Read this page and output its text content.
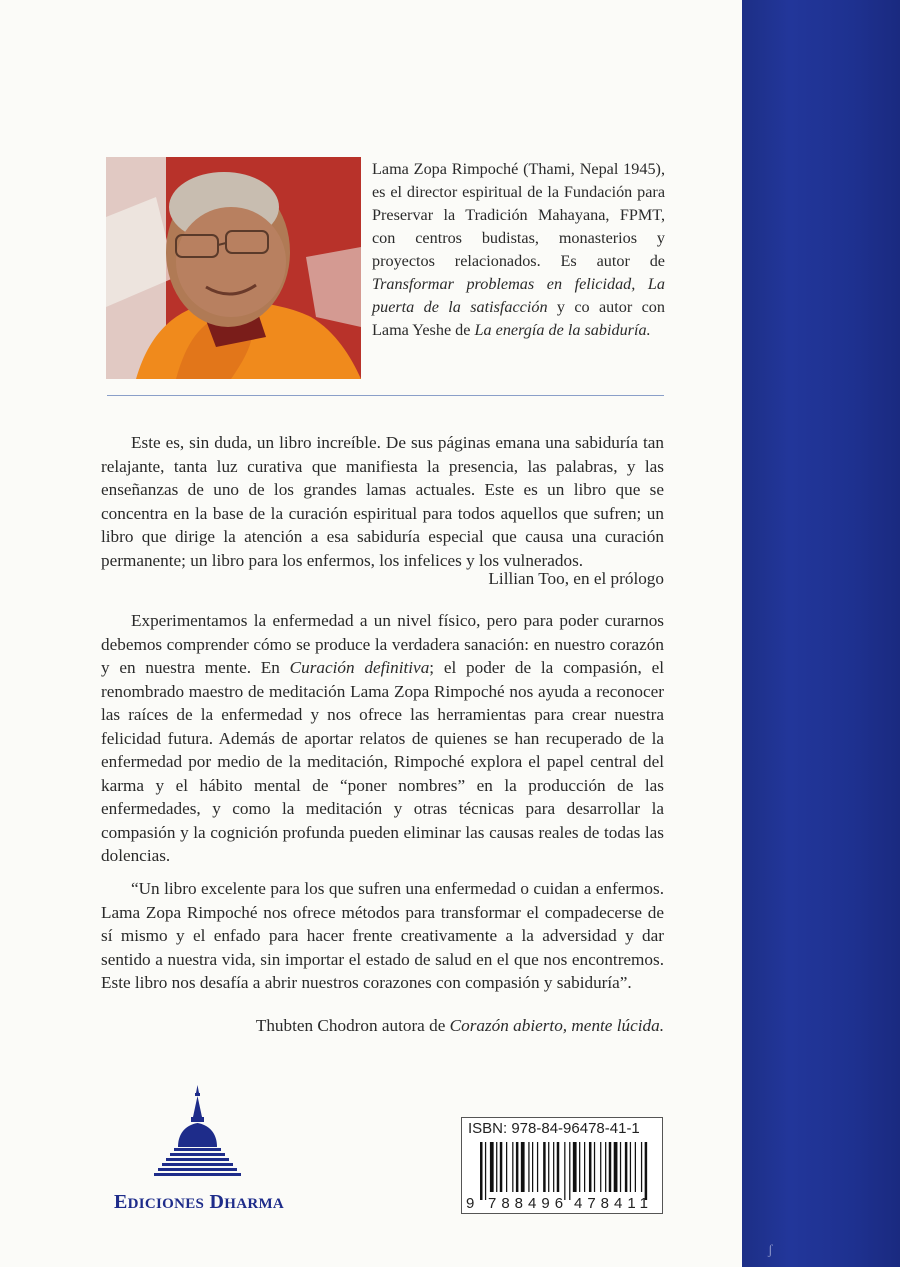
ʃ
Lama Zopa Rimpoché (Thami, Nepal 1945), es el director espiritual de la Fundación para Preservar la Tradición Mahayana, FPMT, con centros budistas, monasterios y proyectos relacionados. Es autor de Transformar problemas en felicidad, La puerta de la satisfacción y co autor con Lama Yeshe de La energía de la sabiduría.
Este es, sin duda, un libro increíble. De sus páginas emana una sabiduría tan relajante, tanta luz curativa que manifiesta la presencia, las palabras, y las enseñanzas de uno de los grandes lamas actuales. Este es un libro que se concentra en la base de la curación espiritual para todos aquellos que sufren; un libro que dirige la atención a esa sabiduría especial que causa una curación permanente; un libro para los enfermos, los infelices y los vulnerados.
Lillian Too, en el prólogo
Experimentamos la enfermedad a un nivel físico, pero para poder curarnos debemos comprender cómo se produce la verdadera sanación: en nuestro corazón y en nuestra mente. En Curación definitiva; el poder de la compasión, el renombrado maestro de meditación Lama Zopa Rimpoché nos ayuda a reconocer las raíces de la enfermedad y nos ofrece las herramientas para crear nuestra felicidad futura. Además de aportar relatos de quienes se han recuperado de la enfermedad por medio de la meditación, Rimpoché explora el papel central del karma y el hábito mental de “poner nombres” en la producción de las enfermedades, y como la meditación y otras técnicas para desarrollar la compasión y la cognición profunda pueden eliminar las causas reales de todas las dolencias.
“Un libro excelente para los que sufren una enfermedad o cuidan a enfermos. Lama Zopa Rimpoché nos ofrece métodos para transformar el compadecerse de sí mismo y el enfado para hacer frente creativamente a la adversidad y dar sentido a nuestra vida, sin importar el estado de salud en el que nos encontremos. Este libro nos desafía a abrir nuestros corazones con compasión y sabiduría”.
Thubten Chodron autora de Corazón abierto, mente lúcida.
EDICIONES DHARMA
ISBN: 978-84-96478-41-1
9 788496 478411
